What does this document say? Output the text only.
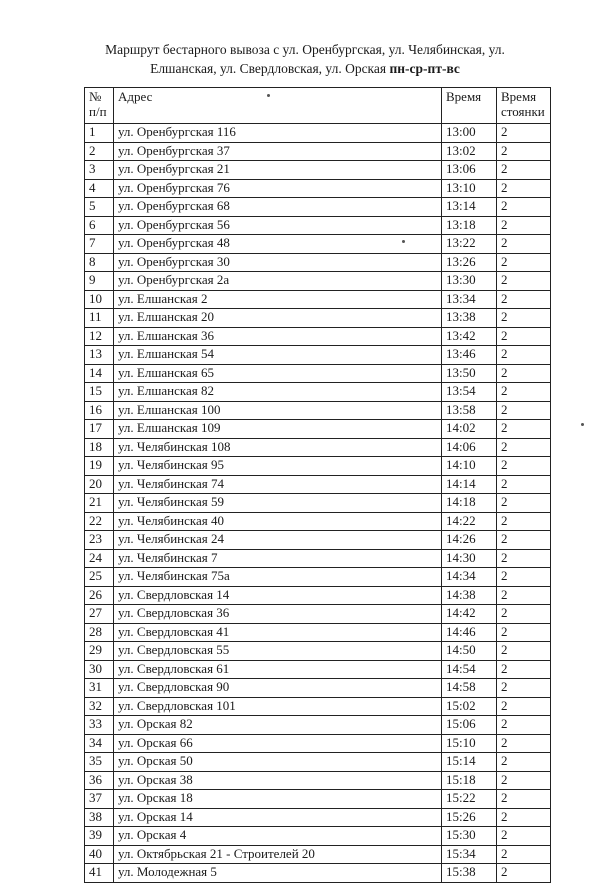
Маршрут бестарного вывоза с ул. Оренбургская, ул. Челябинская, ул.
Елшанская, ул. Свердловская, ул. Орская пн-ср-пт-вс
№
п/п	Адрес	Время	Время
стоянки
1	ул. Оренбургская 116	13:00	2
2	ул. Оренбургская 37	13:02	2
3	ул. Оренбургская 21	13:06	2
4	ул. Оренбургская 76	13:10	2
5	ул. Оренбургская 68	13:14	2
6	ул. Оренбургская 56	13:18	2
7	ул. Оренбургская 48	13:22	2
8	ул. Оренбургская 30	13:26	2
9	ул. Оренбургская 2а	13:30	2
10	ул. Елшанская 2	13:34	2
11	ул. Елшанская 20	13:38	2
12	ул. Елшанская 36	13:42	2
13	ул. Елшанская 54	13:46	2
14	ул. Елшанская 65	13:50	2
15	ул. Елшанская 82	13:54	2
16	ул. Елшанская 100	13:58	2
17	ул. Елшанская 109	14:02	2
18	ул. Челябинская 108	14:06	2
19	ул. Челябинская 95	14:10	2
20	ул. Челябинская 74	14:14	2
21	ул. Челябинская 59	14:18	2
22	ул. Челябинская 40	14:22	2
23	ул. Челябинская 24	14:26	2
24	ул. Челябинская 7	14:30	2
25	ул. Челябинская 75а	14:34	2
26	ул. Свердловская 14	14:38	2
27	ул. Свердловская 36	14:42	2
28	ул. Свердловская 41	14:46	2
29	ул. Свердловская 55	14:50	2
30	ул. Свердловская 61	14:54	2
31	ул. Свердловская 90	14:58	2
32	ул. Свердловская 101	15:02	2
33	ул. Орская 82	15:06	2
34	ул. Орская 66	15:10	2
35	ул. Орская 50	15:14	2
36	ул. Орская 38	15:18	2
37	ул. Орская 18	15:22	2
38	ул. Орская 14	15:26	2
39	ул. Орская 4	15:30	2
40	ул. Октябрьская 21 - Строителей 20	15:34	2
41	ул. Молодежная 5	15:38	2
